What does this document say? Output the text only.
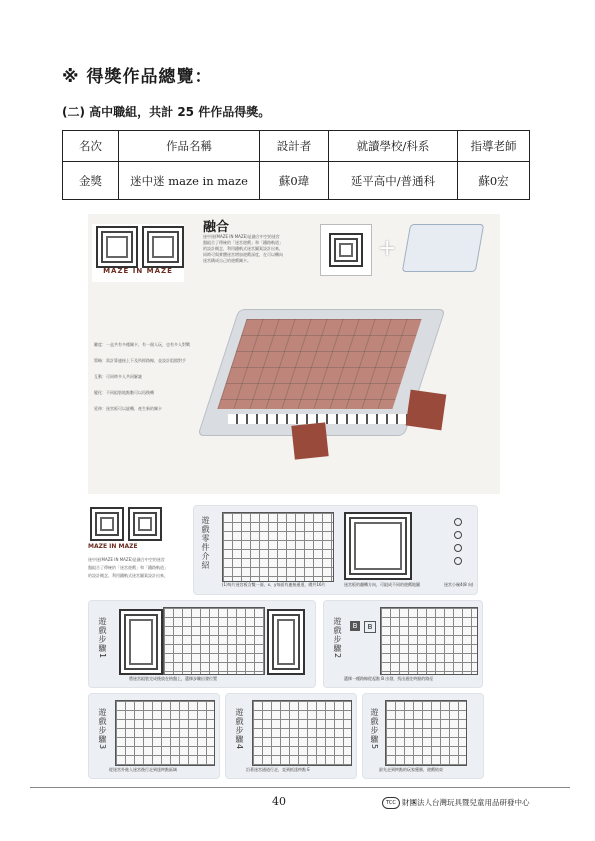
※ 得獎作品總覽：
(二) 高中職組，共計 25 件作品得獎。
名次	作品名稱	設計者	就讀學校/科系	指導老師
金獎	迷中迷 maze in maze	蘇0瑋	延平高中/普通科	蘇0宏
MAZE IN MAZE
融合
迷中迷(MAZE IN MAZE)是融合中空的迷宮
盤組合了傳統的「迷宮遊戲」和「鐵路軌道」
的設計概念，利用鐵軌式迷宮圖案設計出來，
同時可與實體迷宮增加遊戲深度，在可以轉向
迷宮構成自己的遊戲關卡。	+
難度：一盒共有多種關卡，有一個人玩，也有多人對戰
策略：需計算連接上下及所經路線，並設計阻擋對手
互動：可同時多人共同解謎
變化：不同組裝地點數可以再換轉
延伸：迷宮板可以旋轉，產生新的關卡
MAZE IN MAZE
迷中迷(MAZE IN MAZE)是融合中空的迷宮
盤組合了傳統的「迷宮遊戲」和「鐵路軌道」
的設計概念，利用鐵軌式迷宮圖案設計出來，
遊戲零件介紹
(1)每片迷宮板含雙一面，x、y每面有連接通道，總共16片	迷宮板的翻轉方向，可組成不同的遊戲地圖	迷宮小碗4(8 向)
遊戲步驟1
將迷宮組裝完成後放在格盤上，選擇步驟出發位置
遊戲步驟2	B	B
選擇一種路線從起點 B 出發，找出通往終點的路徑
遊戲步驟3
從迷宮外進入迷宮後行走到達終點區域
遊戲步驟4
沿著迷宮通道行走，直到抵達終點 E
遊戲步驟5
最先走到終點的玩家獲勝，遊戲結束
40	TCC 財團法人台灣玩具暨兒童用品研發中心
